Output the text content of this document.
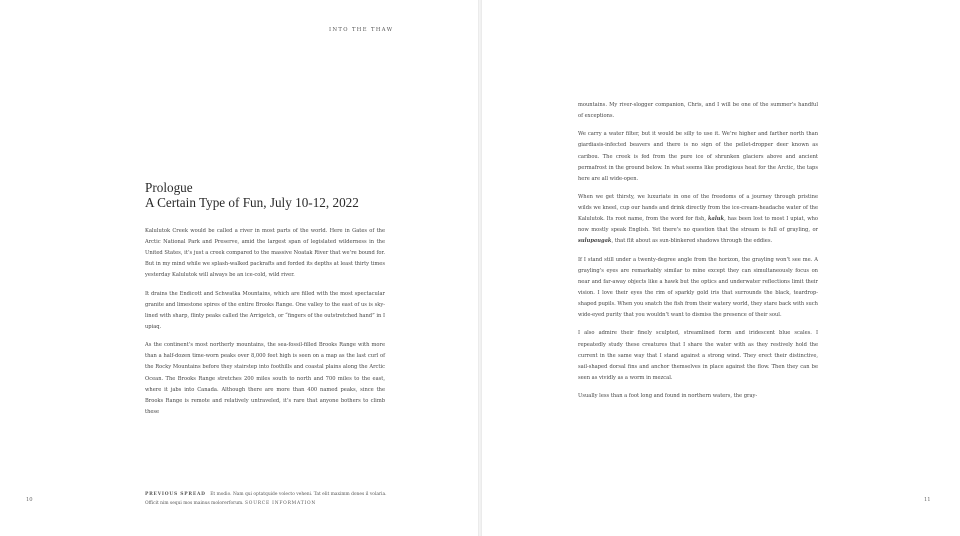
INTO THE THAW
Prologue
A Certain Type of Fun, July 10-12, 2022

Kalulutok Creek would be called a river in most parts of the world. Here in Gates of the Arctic National Park and Preserve, amid the largest span of legislated wilderness in the United States, it’s just a creek compared to the massive Noatak River that we’re bound for. But in my mind while we splash-walked packrafts and forded its depths at least thirty times yesterday Kalulutok will always be an ice-cold, wild river.

It drains the Endicott and Schwatka Mountains, which are filled with the most spectacular granite and limestone spires of the entire Brooks Range. One valley to the east of us is sky-lined with sharp, flinty peaks called the Arrigetch, or “fingers of the outstretched hand” in I upiaq.

As the continent’s most northerly mountains, the sea-fossil-filled Brooks Range with more than a half-dozen time-worn peaks over 8,000 feet high is seen on a map as the last curl of the Rocky Mountains before they stairstep into foothills and coastal plains along the Arctic Ocean. The Brooks Range stretches 200 miles south to north and 700 miles to the east, where it jabs into Canada. Although there are more than 400 named peaks, since the Brooks Range is remote and relatively untraveled, it’s rare that anyone bothers to climb these

PREVIOUS SPREAD Et modio. Nam qui optatquide volecto veheni. Tat elit maximm dones il volaria. Officit nim sequi mos mainus molorerforum. SOURCE INFORMATION
10

mountains. My river-slogger companion, Chris, and I will be one of the summer’s handful of exceptions.

We carry a water filter, but it would be silly to use it. We’re higher and farther north than giardiasis-infected beavers and there is no sign of the pellet-dropper deer known as caribou. The creek is fed from the pure ice of shrunken glaciers above and ancient permafrost in the ground below. In what seems like prodigious heat for the Arctic, the taps here are all wide-open.

When we get thirsty, we luxuriate in one of the freedoms of a journey through pristine wilds we kneel, cup our hands and drink directly from the ice-cream-headache water of the Kalulutok. Its root name, from the word for fish, kaluk, has been lost to most I upiat, who now mostly speak English. Yet there’s no question that the stream is full of grayling, or sulupaugak, that flit about as sun-blinkered shadows through the eddies.

If I stand still under a twenty-degree angle from the horizon, the grayling won’t see me. A grayling’s eyes are remarkably similar to mine except they can simultaneously focus on near and far-away objects like a hawk but the optics and underwater reflections limit their vision. I love their eyes the rim of sparkly gold iris that surrounds the black, teardrop-shaped pupils. When you snatch the fish from their watery world, they stare back with such wide-eyed purity that you wouldn’t want to dismiss the presence of their soul.

I also admire their finely sculpted, streamlined form and iridescent blue scales. I repeatedly study these creatures that I share the water with as they restively hold the current in the same way that I stand against a strong wind. They erect their distinctive, sail-shaped dorsal fins and anchor themselves in place against the flow. Then they can be seen as vividly as a worm in mezcal.

Usually less than a foot long and found in northern waters, the gray-

11
